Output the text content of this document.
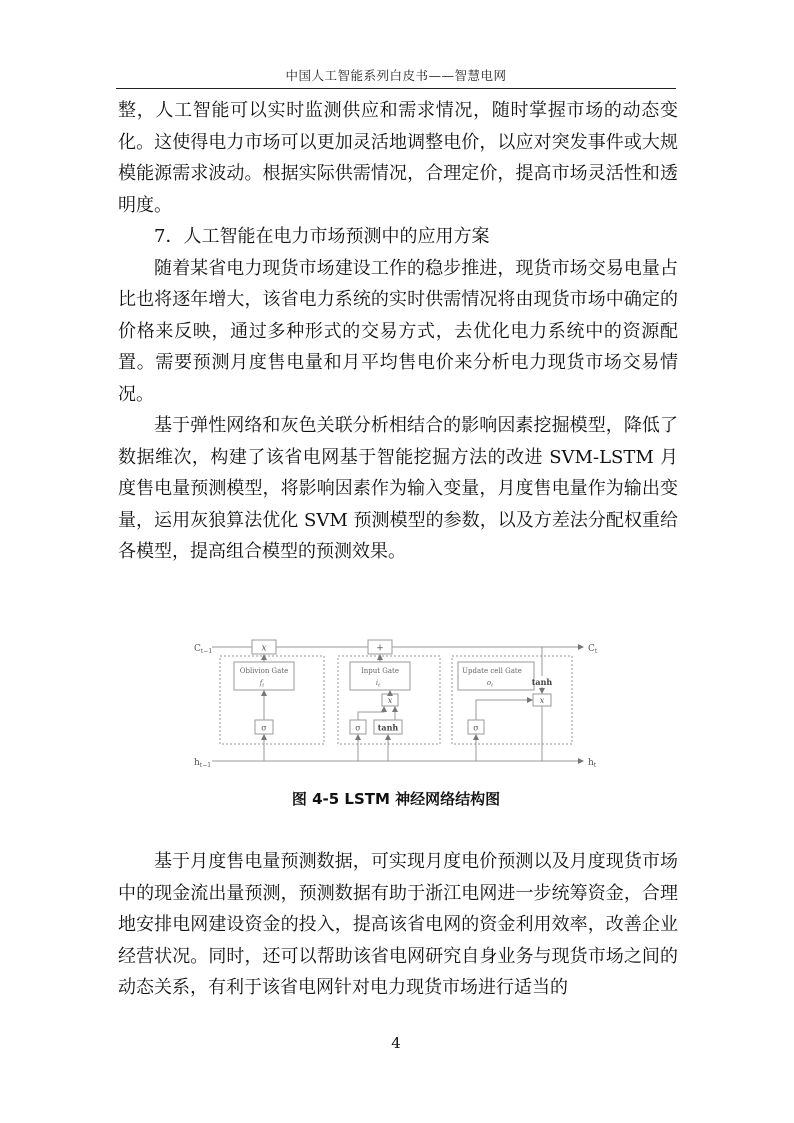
中国人工智能系列白皮书——智慧电网

整，人工智能可以实时监测供应和需求情况，随时掌握市场的动态变化。这使得电力市场可以更加灵活地调整电价，以应对突发事件或大规模能源需求波动。根据实际供需情况，合理定价，提高市场灵活性和透明度。

7．人工智能在电力市场预测中的应用方案

随着某省电力现货市场建设工作的稳步推进，现货市场交易电量占比也将逐年增大，该省电力系统的实时供需情况将由现货市场中确定的价格来反映，通过多种形式的交易方式，去优化电力系统中的资源配置。需要预测月度售电量和月平均售电价来分析电力现货市场交易情况。

基于弹性网络和灰色关联分析相结合的影响因素挖掘模型，降低了数据维次，构建了该省电网基于智能挖掘方法的改进 SVM-LSTM 月度售电量预测模型，将影响因素作为输入变量，月度售电量作为输出变量，运用灰狼算法优化 SVM 预测模型的参数，以及方差法分配权重给各模型，提高组合模型的预测效果。

$C_{t-1}$	$C_t$
$h_{t-1}$	$h_t$
x
Oblivion Gate
$f_t$
σ
+
Input Gate
$i_t$
x
σ tanh
Update cell Gate
$o_t$	tanh
x
σ
图 4-5 LSTM 神经网络结构图

基于月度售电量预测数据，可实现月度电价预测以及月度现货市场中的现金流出量预测，预测数据有助于浙江电网进一步统筹资金，合理地安排电网建设资金的投入，提高该省电网的资金利用效率，改善企业经营状况。同时，还可以帮助该省电网研究自身业务与现货市场之间的动态关系，有利于该省电网针对电力现货市场进行适当的

4
